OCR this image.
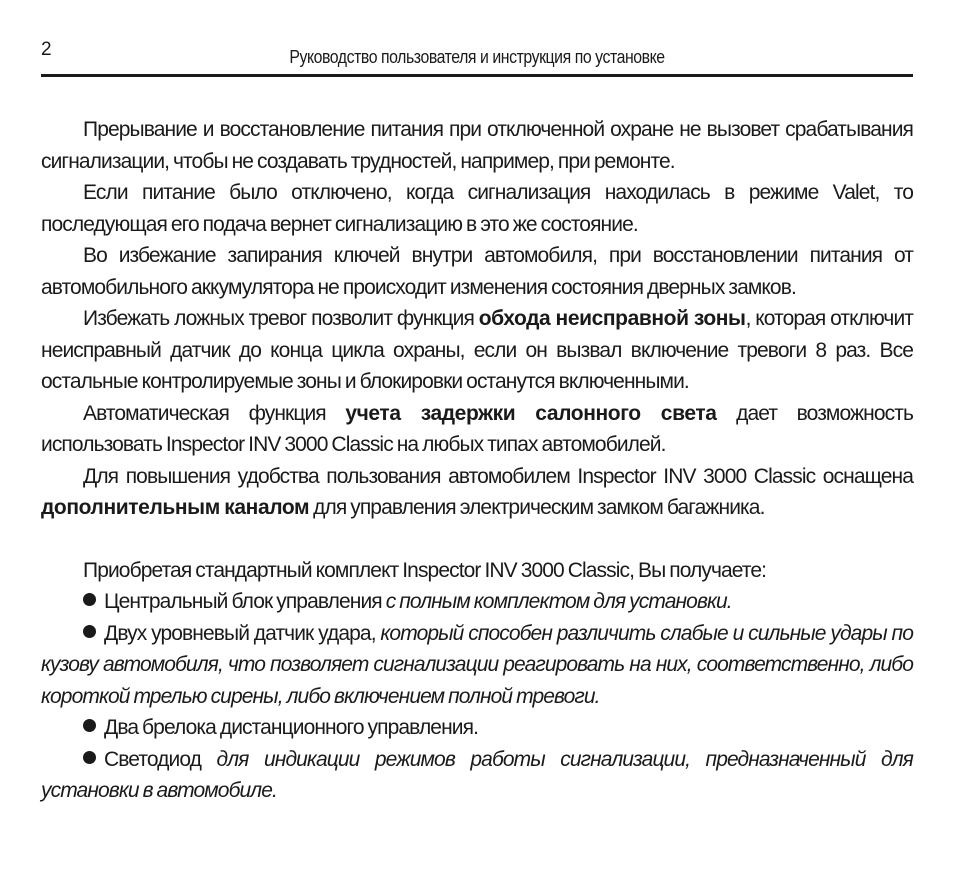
2	Руководство пользователя и инструкция по установке

Прерывание и восстановление питания при отключенной охране не вызовет срабатывания сигнализации, чтобы не создавать трудностей, например, при ремонте.

Если питание было отключено, когда сигнализация находилась в режиме Valet, то последующая его подача вернет сигнализацию в это же состояние.

Во избежание запирания ключей внутри автомобиля, при восстановлении питания от автомобильного аккумулятора не происходит изменения состояния дверных замков.

Избежать ложных тревог позволит функция обхода неисправной зоны, которая отключит неисправный датчик до конца цикла охраны, если он вызвал включение тревоги 8 раз. Все остальные контролируемые зоны и блокировки останутся включенными.

Автоматическая функция учета задержки салонного света дает возможность использовать Inspector INV 3000 Classic на любых типах автомобилей.

Для повышения удобства пользования автомобилем Inspector INV 3000 Classic оснащена дополнительным каналом для управления электрическим замком багажника.

Приобретая стандартный комплект Inspector INV 3000 Classic, Вы получаете:

Центральный блок управления с полным комплектом для установки.

Двух уровневый датчик удара, который способен различить слабые и сильные удары по кузову автомобиля, что позволяет сигнализации реагировать на них, соответственно, либо короткой трелью сирены, либо включением полной тревоги.

Два брелока дистанционного управления.

Светодиод для индикации режимов работы сигнализации, предназначенный для установки в автомобиле.
